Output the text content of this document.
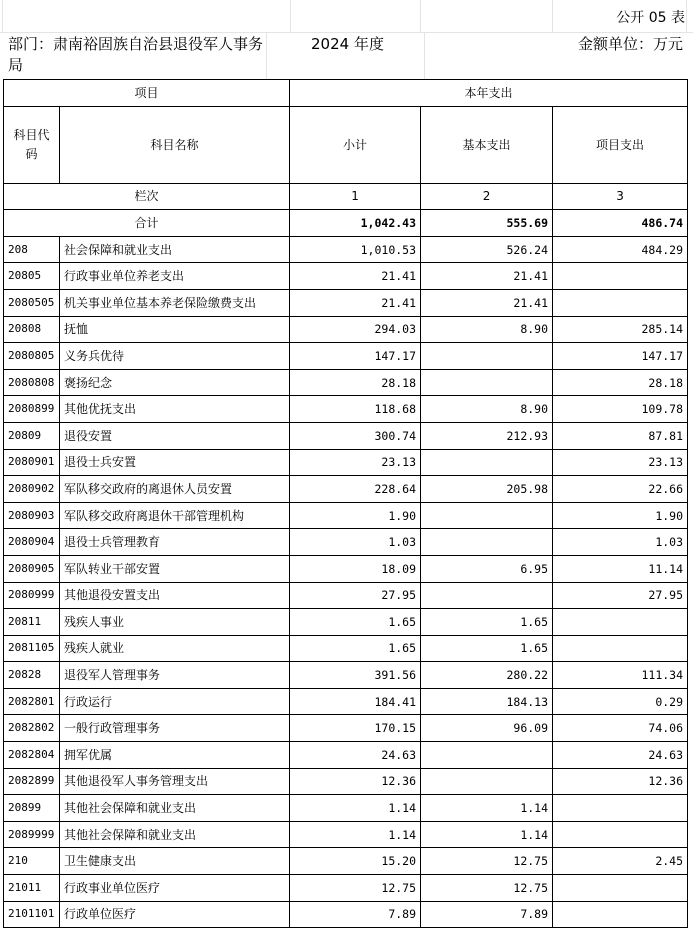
公开 05 表
部门：肃南裕固族自治县退役军人事务局
2024 年度	金额单位：万元
项目		本年支出		
科目代码	科目名称	小计	基本支出	项目支出
栏次		1	2	3
合计		1,042.43	555.69	486.74
208	社会保障和就业支出	1,010.53	526.24	484.29
20805	行政事业单位养老支出	21.41	21.41	
2080505	机关事业单位基本养老保险缴费支出	21.41	21.41	
20808	抚恤	294.03	8.90	285.14
2080805	义务兵优待	147.17		147.17
2080808	褒扬纪念	28.18		28.18
2080899	其他优抚支出	118.68	8.90	109.78
20809	退役安置	300.74	212.93	87.81
2080901	退役士兵安置	23.13		23.13
2080902	军队移交政府的离退休人员安置	228.64	205.98	22.66
2080903	军队移交政府离退休干部管理机构	1.90		1.90
2080904	退役士兵管理教育	1.03		1.03
2080905	军队转业干部安置	18.09	6.95	11.14
2080999	其他退役安置支出	27.95		27.95
20811	残疾人事业	1.65	1.65	
2081105	残疾人就业	1.65	1.65	
20828	退役军人管理事务	391.56	280.22	111.34
2082801	行政运行	184.41	184.13	0.29
2082802	一般行政管理事务	170.15	96.09	74.06
2082804	拥军优属	24.63		24.63
2082899	其他退役军人事务管理支出	12.36		12.36
20899	其他社会保障和就业支出	1.14	1.14	
2089999	其他社会保障和就业支出	1.14	1.14	
210	卫生健康支出	15.20	12.75	2.45
21011	行政事业单位医疗	12.75	12.75	
2101101	行政单位医疗	7.89	7.89	
